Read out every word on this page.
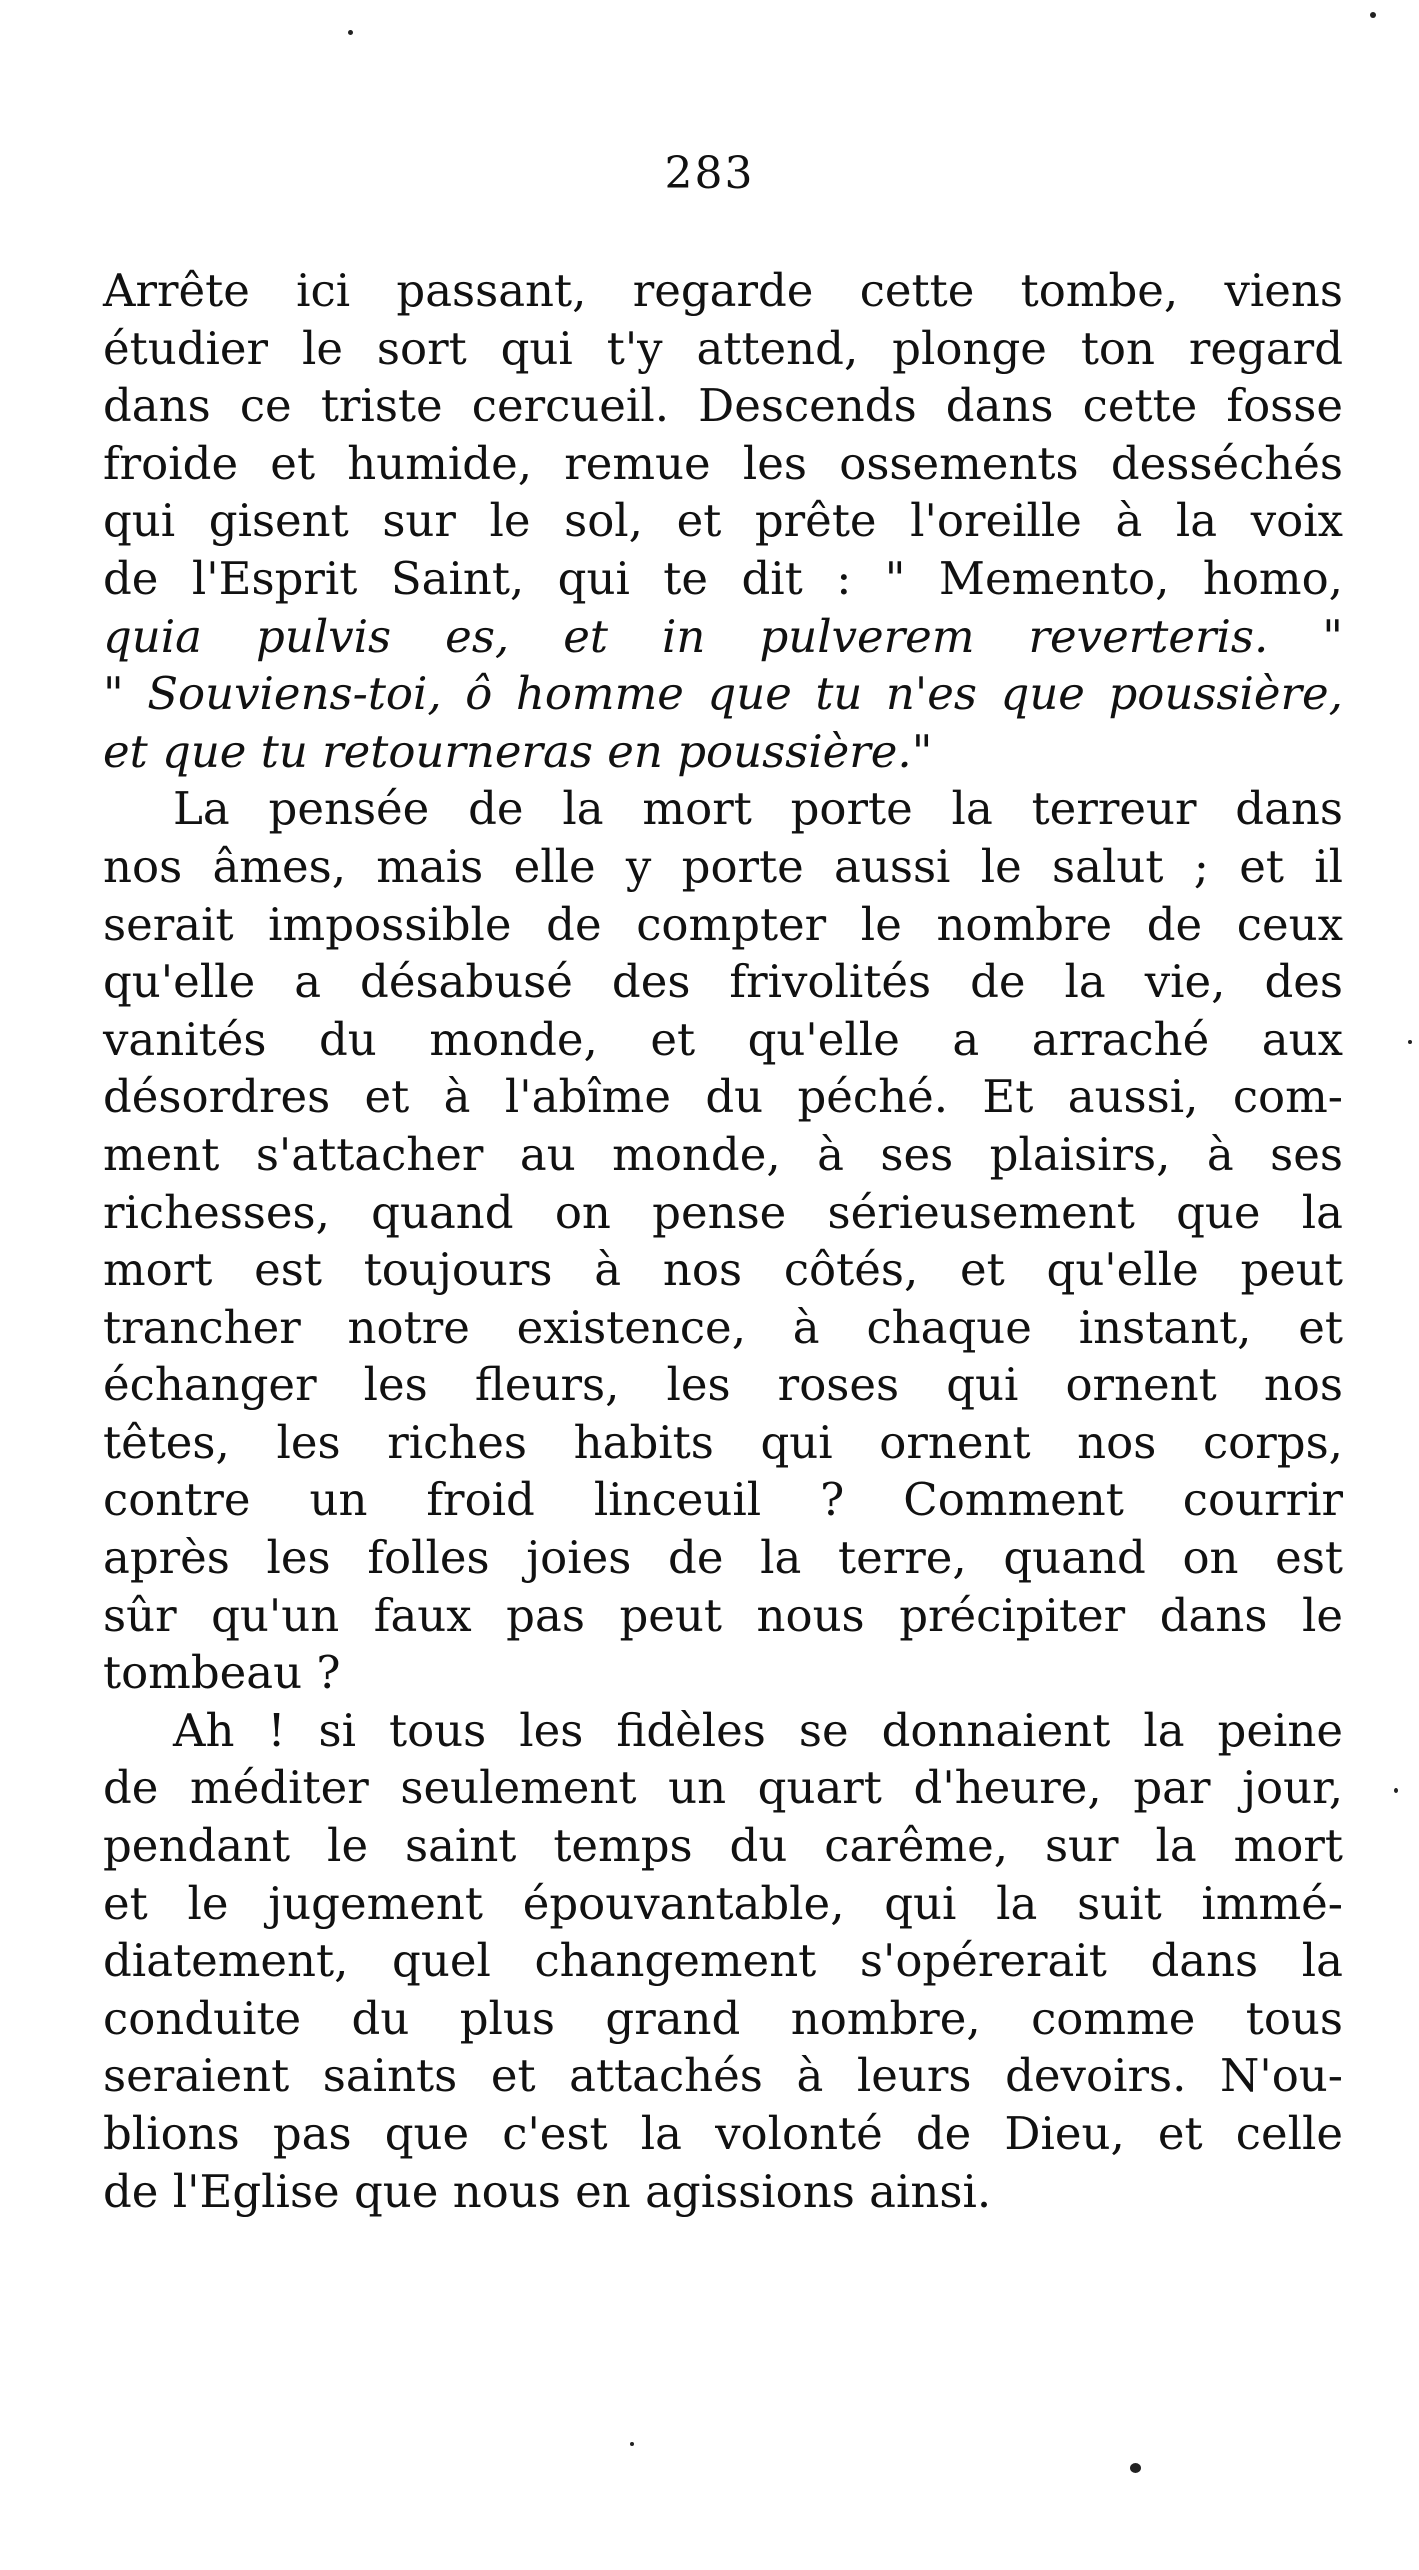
283
Arrête ici passant, regarde cette tombe, viens
étudier le sort qui t'y attend, plonge ton regard
dans ce triste cercueil. Descends dans cette fosse
froide et humide, remue les ossements desséchés
qui gisent sur le sol, et prête l'oreille à la voix
de l'Esprit Saint, qui te dit : " Memento, homo,
quia pulvis es, et in pulverem reverteris. "
" Souviens-toi, ô homme que tu n'es que poussière,
et que tu retourneras en poussière."
La pensée de la mort porte la terreur dans
nos âmes, mais elle y porte aussi le salut ; et il
serait impossible de compter le nombre de ceux
qu'elle a désabusé des frivolités de la vie, des
vanités du monde, et qu'elle a arraché aux
désordres et à l'abîme du péché. Et aussi, com-
ment s'attacher au monde, à ses plaisirs, à ses
richesses, quand on pense sérieusement que la
mort est toujours à nos côtés, et qu'elle peut
trancher notre existence, à chaque instant, et
échanger les fleurs, les roses qui ornent nos
têtes, les riches habits qui ornent nos corps,
contre un froid linceuil ? Comment courrir
après les folles joies de la terre, quand on est
sûr qu'un faux pas peut nous précipiter dans le
tombeau ?
Ah ! si tous les fidèles se donnaient la peine
de méditer seulement un quart d'heure, par jour,
pendant le saint temps du carême, sur la mort
et le jugement épouvantable, qui la suit immé-
diatement, quel changement s'opérerait dans la
conduite du plus grand nombre, comme tous
seraient saints et attachés à leurs devoirs. N'ou-
blions pas que c'est la volonté de Dieu, et celle
de l'Eglise que nous en agissions ainsi.
